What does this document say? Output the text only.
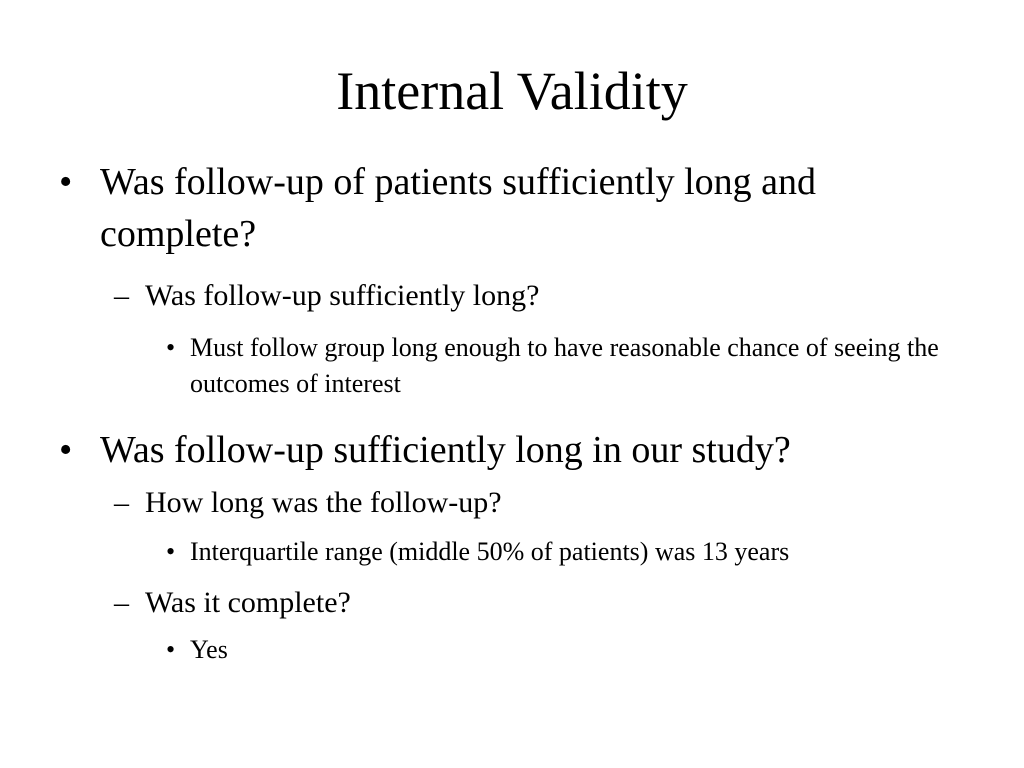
Internal Validity
• Was follow-up of patients sufficiently long and complete?
– Was follow-up sufficiently long?
• Must follow group long enough to have reasonable chance of seeing the outcomes of interest
• Was follow-up sufficiently long in our study?
– How long was the follow-up?
• Interquartile range (middle 50% of patients) was 13 years
– Was it complete?
• Yes
